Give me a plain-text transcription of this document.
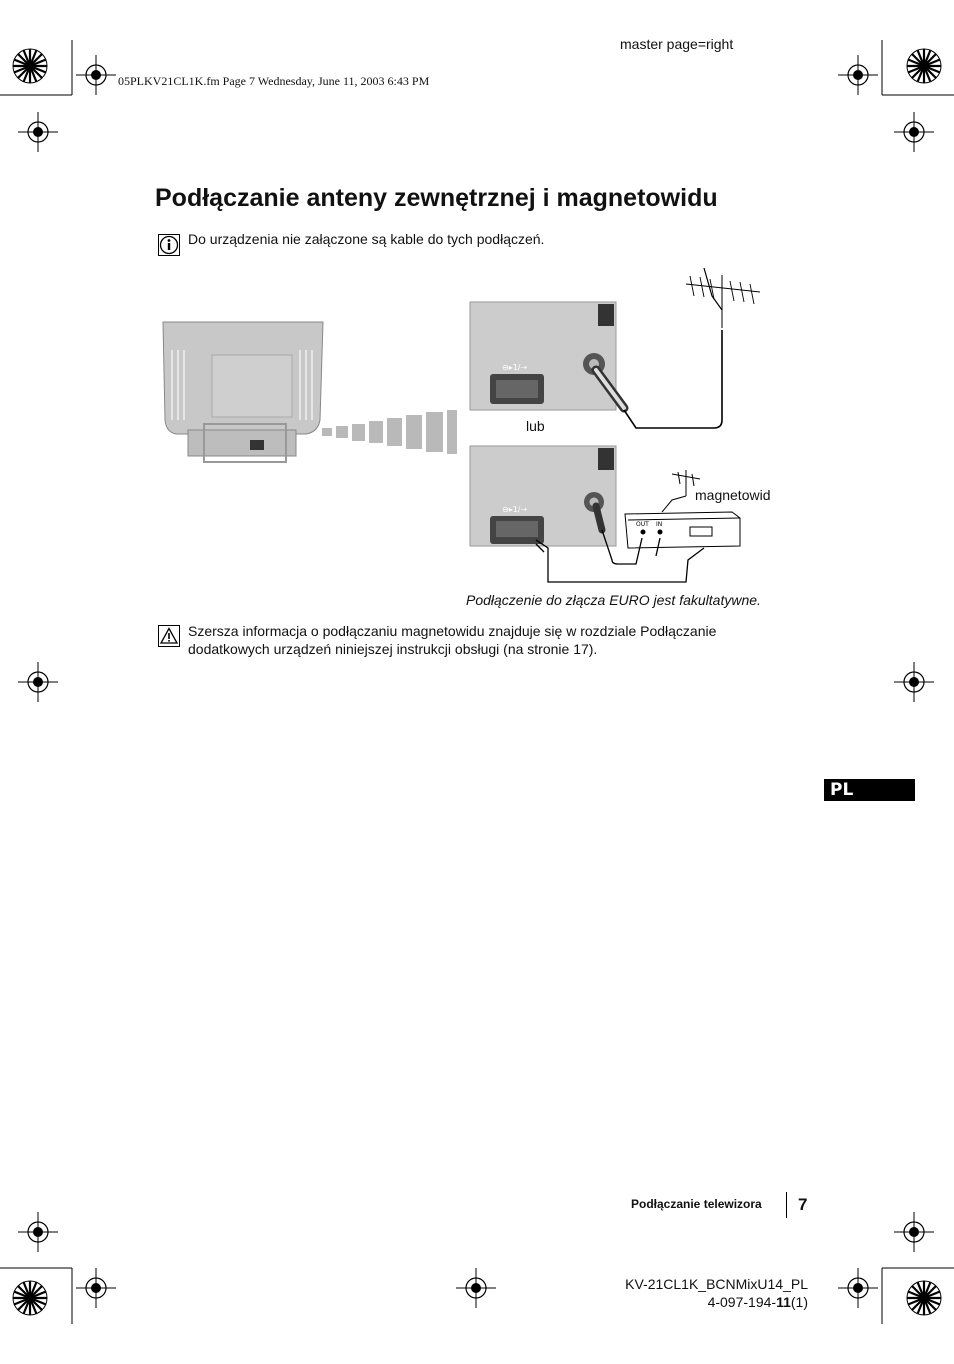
master page=right
05PLKV21CL1K.fm Page 7 Wednesday, June 11, 2003 6:43 PM
Podłączanie anteny zewnętrznej i magnetowidu
Do urządzenia nie załączone są kable do tych podłączeń.
⊖▸1/⇢
⊖▸1/⇢
OUT IN
lub
magnetowid
Podłączenie do złącza EURO jest fakultatywne.
Szersza informacja o podłączaniu magnetowidu znajduje się w rozdziale Podłączanie dodatkowych urządzeń niniejszej instrukcji obsługi (na stronie 17).
PL
Podłączanie telewizora 7
KV-21CL1K_BCNMixU14_PL
4-097-194-11(1)
